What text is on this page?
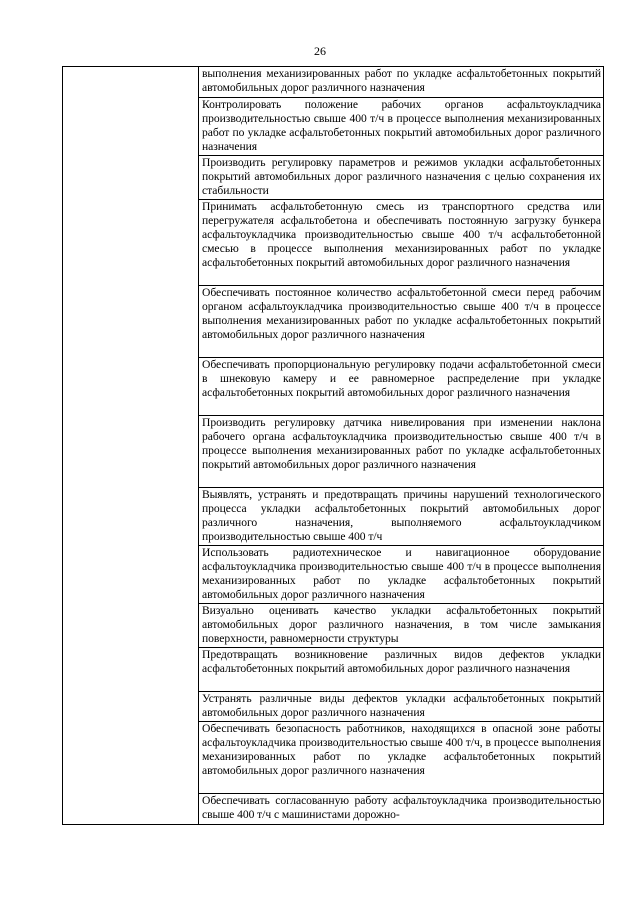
26
	выполнения механизированных работ по укладке асфальтобетонных покрытий автомобильных дорог различного назначения
Контролировать положение рабочих органов асфальтоукладчика производительностью свыше 400 т/ч в процессе выполнения механизированных работ по укладке асфальтобетонных покрытий автомобильных дорог различного назначения
Производить регулировку параметров и режимов укладки асфальтобетонных покрытий автомобильных дорог различного назначения с целью сохранения их стабильности
Принимать асфальтобетонную смесь из транспортного средства или перегружателя асфальтобетона и обеспечивать постоянную загрузку бункера асфальтоукладчика производительностью свыше 400 т/ч асфальтобетонной смесью в процессе выполнения механизированных работ по укладке асфальтобетонных покрытий автомобильных дорог различного назначения
Обеспечивать постоянное количество асфальтобетонной смеси перед рабочим органом асфальтоукладчика производительностью свыше 400 т/ч в процессе выполнения механизированных работ по укладке асфальтобетонных покрытий автомобильных дорог различного назначения
Обеспечивать пропорциональную регулировку подачи асфальтобетонной смеси в шнековую камеру и ее равномерное распределение при укладке асфальтобетонных покрытий автомобильных дорог различного назначения
Производить регулировку датчика нивелирования при изменении наклона рабочего органа асфальтоукладчика производительностью свыше 400 т/ч в процессе выполнения механизированных работ по укладке асфальтобетонных покрытий автомобильных дорог различного назначения
Выявлять, устранять и предотвращать причины нарушений технологического процесса укладки асфальтобетонных покрытий автомобильных дорог различного назначения, выполняемого асфальтоукладчиком производительностью свыше 400 т/ч
Использовать радиотехническое и навигационное оборудование асфальтоукладчика производительностью свыше 400 т/ч в процессе выполнения механизированных работ по укладке асфальтобетонных покрытий автомобильных дорог различного назначения
Визуально оценивать качество укладки асфальтобетонных покрытий автомобильных дорог различного назначения, в том числе замыкания поверхности, равномерности структуры
Предотвращать возникновение различных видов дефектов укладки асфальтобетонных покрытий автомобильных дорог различного назначения
Устранять различные виды дефектов укладки асфальтобетонных покрытий автомобильных дорог различного назначения
Обеспечивать безопасность работников, находящихся в опасной зоне работы асфальтоукладчика производительностью свыше 400 т/ч, в процессе выполнения механизированных работ по укладке асфальтобетонных покрытий автомобильных дорог различного назначения
Обеспечивать согласованную работу асфальтоукладчика производительностью свыше 400 т/ч с машинистами дорожно-
